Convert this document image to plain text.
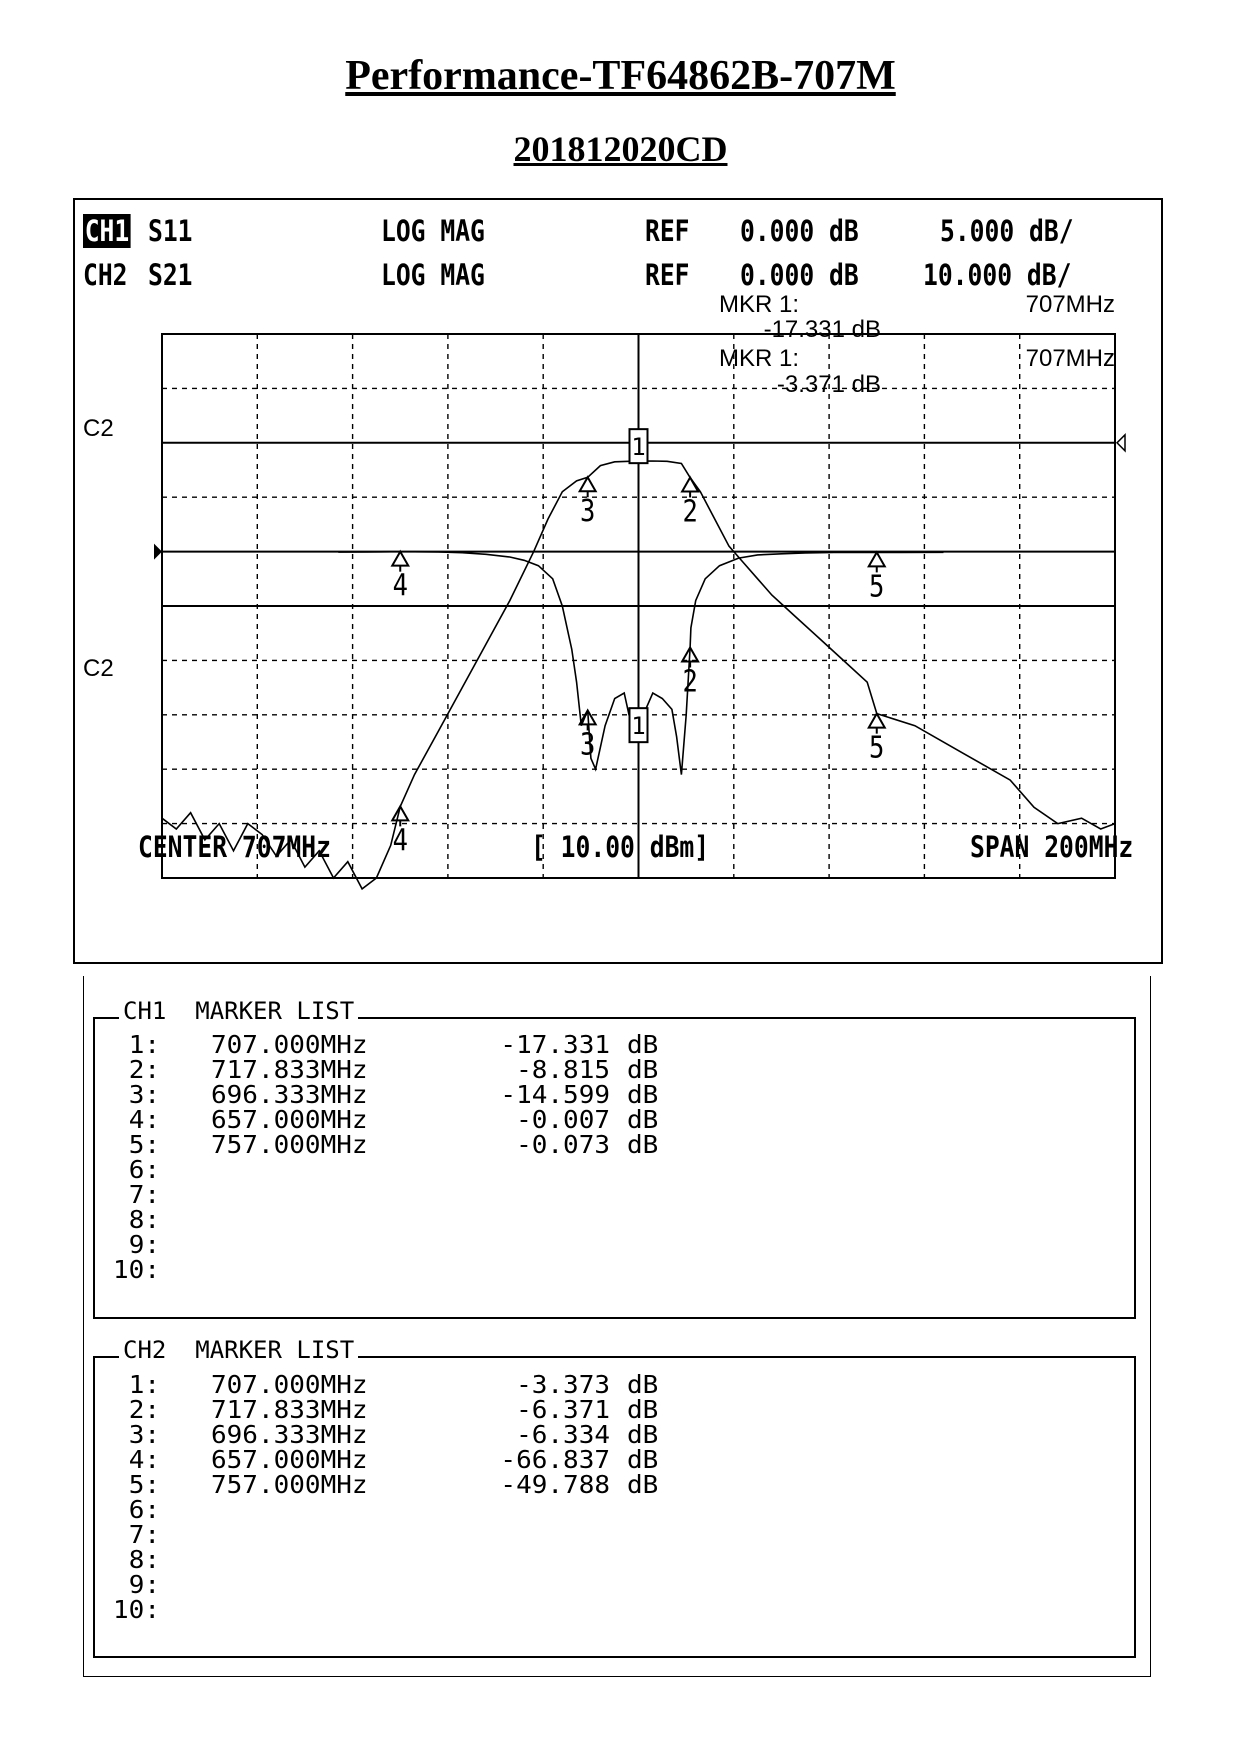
Performance-TF64862B-707M
201812020CD
CH1 S11	LOG MAG	REF 0.000 dB	5.000 dB/
CH2 S21	LOG MAG	REF 0.000 dB 10.000 dB/
1
2
3
4	5
1
2
3
4
5
MKR 1:	707MHz
-17.331 dB
MKR 1:	707MHz
-3.371 dB
C2
C2
CENTER 707MHz	[ 10.00 dBm]	SPAN 200MHz
CH1  MARKER LIST
1: 707.000MHz	-17.331 dB
2: 717.833MHz	-8.815 dB
3: 696.333MHz	-14.599 dB
4: 657.000MHz	-0.007 dB
5: 757.000MHz	-0.073 dB
6:
7:
8:
9:
10:
CH2  MARKER LIST
1: 707.000MHz	-3.373 dB
2: 717.833MHz	-6.371 dB
3: 696.333MHz	-6.334 dB
4: 657.000MHz	-66.837 dB
5: 757.000MHz	-49.788 dB
6:
7:
8:
9:
10:
